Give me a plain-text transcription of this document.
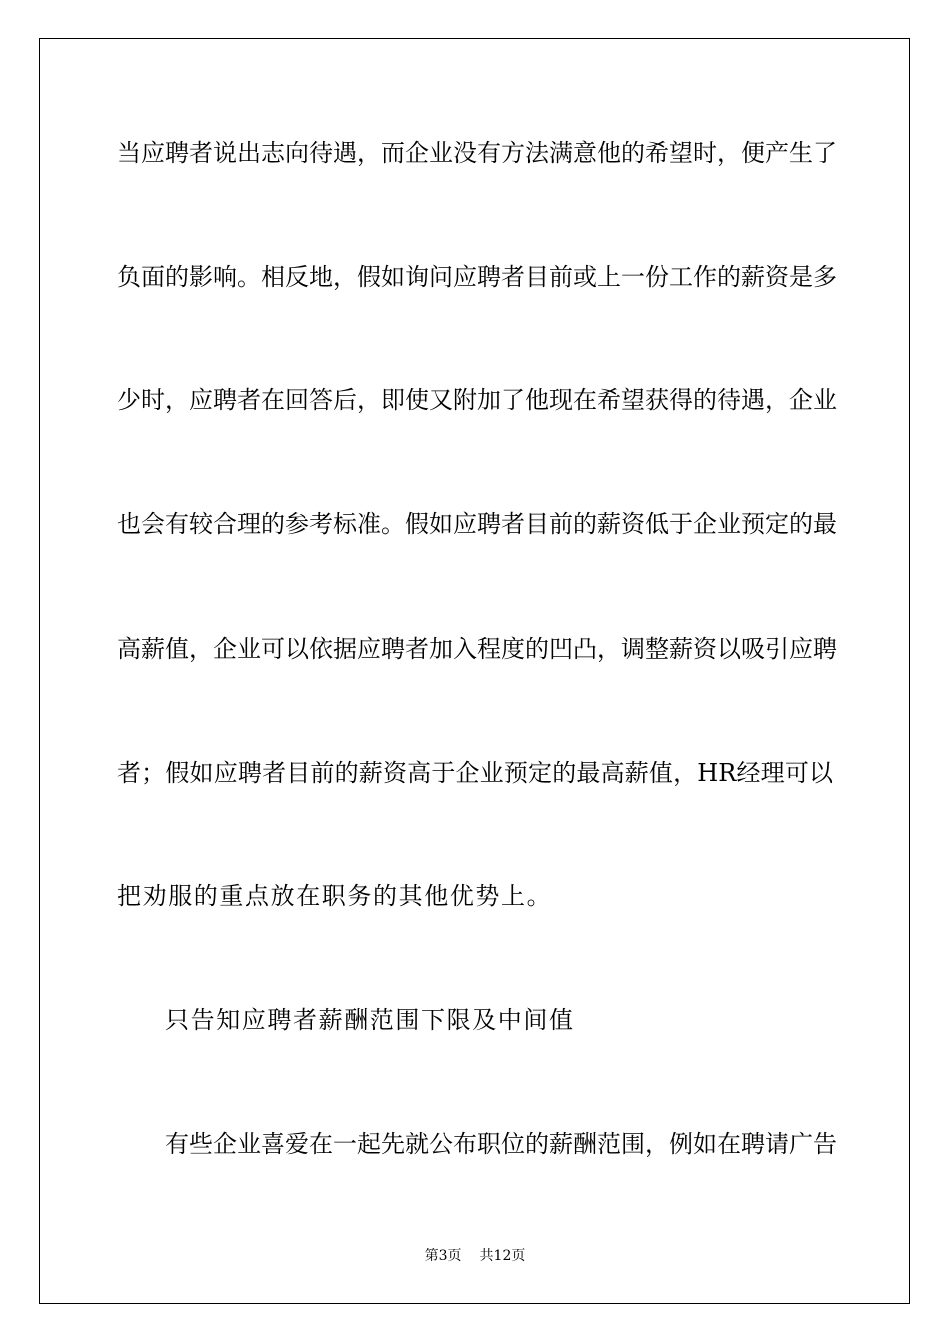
当应聘者说出志向待遇，而企业没有方法满意他的希望时，便产生了
负面的影响。相反地，假如询问应聘者目前或上一份工作的薪资是多
少时，应聘者在回答后，即使又附加了他现在希望获得的待遇，企业
也会有较合理的参考标准。假如应聘者目前的薪资低于企业预定的最
高薪值，企业可以依据应聘者加入程度的凹凸，调整薪资以吸引应聘
者；假如应聘者目前的薪资高于企业预定的最高薪值，HR经理可以
把劝服的重点放在职务的其他优势上。
只告知应聘者薪酬范围下限及中间值
有些企业喜爱在一起先就公布职位的薪酬范围，例如在聘请广告
第3页 共12页
